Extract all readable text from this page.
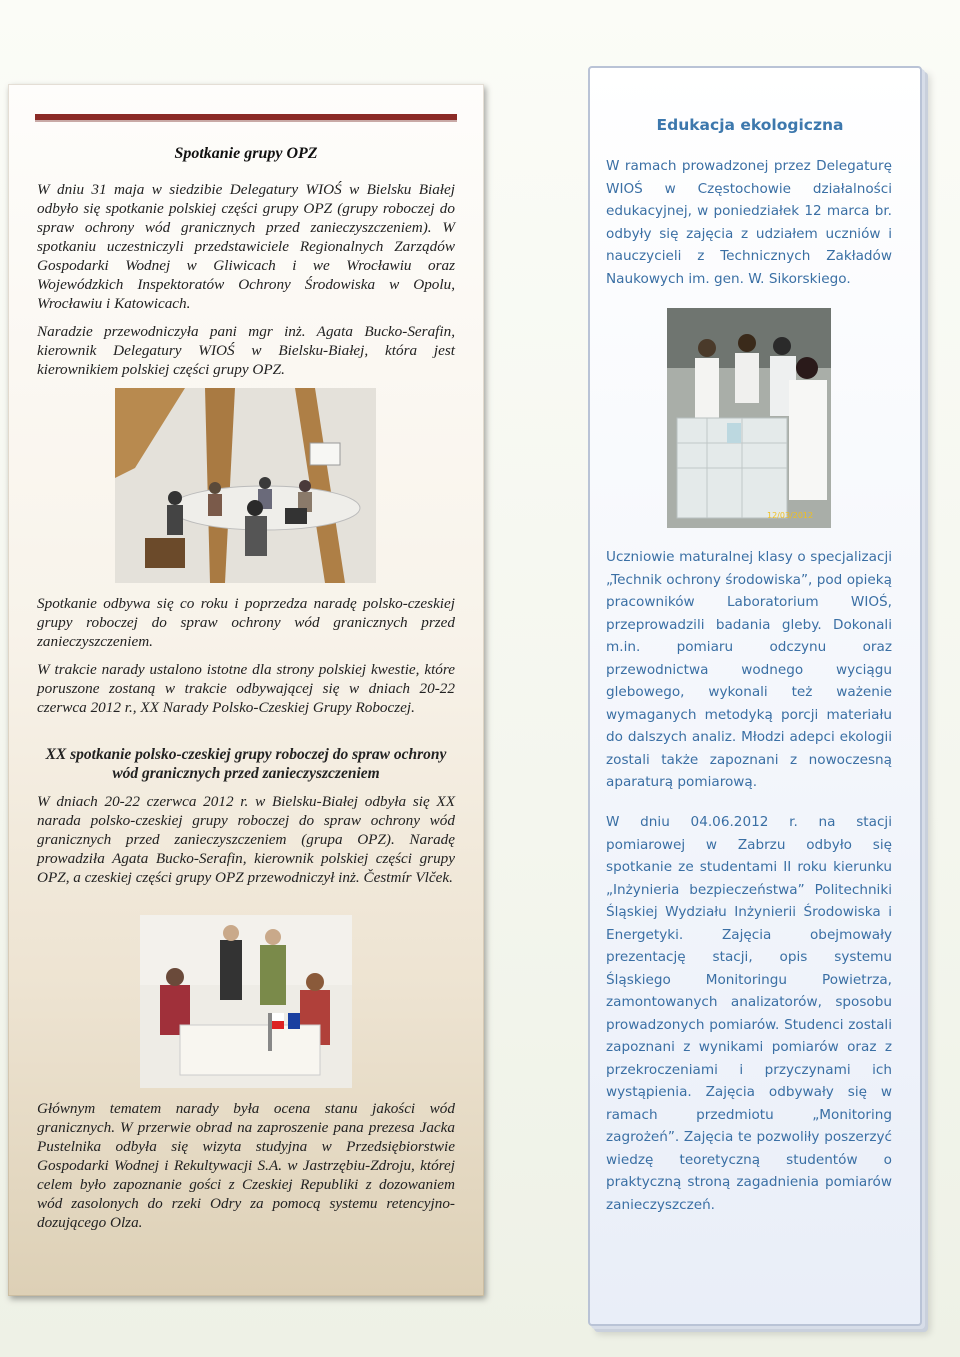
Spotkanie grupy OPZ

W dniu 31 maja w siedzibie Delegatury WIOŚ w Bielsku Białej odbyło się spotkanie polskiej części grupy OPZ (grupy roboczej do spraw ochrony wód granicznych przed zanieczyszczeniem). W spotkaniu uczestniczyli przedstawiciele Regionalnych Zarządów Gospodarki Wodnej w Gliwicach i we Wrocławiu oraz Wojewódzkich Inspektoratów Ochrony Środowiska w Opolu, Wrocławiu i Katowicach.

Naradzie przewodniczyła pani mgr inż. Agata Bucko-Serafin, kierownik Delegatury WIOŚ w Bielsku-Białej, która jest kierownikiem polskiej części grupy OPZ.

Spotkanie odbywa się co roku i poprzedza naradę polsko-czeskiej grupy roboczej do spraw ochrony wód granicznych przed zanieczyszczeniem.

W trakcie narady ustalono istotne dla strony polskiej kwestie, które poruszone zostaną w trakcie odbywającej się w dniach 20-22 czerwca 2012 r., XX Narady Polsko-Czeskiej Grupy Roboczej.

XX spotkanie polsko-czeskiej grupy roboczej do spraw ochrony wód granicznych przed zanieczyszczeniem

W dniach 20-22 czerwca 2012 r. w Bielsku-Białej odbyła się XX narada polsko-czeskiej grupy roboczej do spraw ochrony wód granicznych przed zanieczyszczeniem (grupa OPZ). Naradę prowadziła Agata Bucko-Serafin, kierownik polskiej części grupy OPZ, a czeskiej części grupy OPZ przewodniczył inż. Čestmír Vlček.

Głównym tematem narady była ocena stanu jakości wód granicznych. W przerwie obrad na zaproszenie pana prezesa Jacka Pustelnika odbyła się wizyta studyjna w Przedsiębiorstwie Gospodarki Wodnej i Rekultywacji S.A. w Jastrzębiu-Zdroju, której celem było zapoznanie gości z Czeskiej Republiki z dozowaniem wód zasolonych do rzeki Odry za pomocą systemu retencyjno-dozującego Olza.

Edukacja ekologiczna

W ramach prowadzonej przez Delegaturę WIOŚ w Częstochowie działalności edukacyjnej, w poniedziałek 12 marca br. odbyły się zajęcia z udziałem uczniów i nauczycieli z Technicznych Zakładów Naukowych im. gen. W. Sikorskiego.

12/03/2012

Uczniowie maturalnej klasy o specjalizacji „Technik ochrony środowiska”, pod opieką pracowników Laboratorium WIOŚ, przeprowadzili badania gleby. Dokonali m.in. pomiaru odczynu oraz przewodnictwa wodnego wyciągu glebowego, wykonali też ważenie wymaganych metodyką porcji materiału do dalszych analiz. Młodzi adepci ekologii zostali także zapoznani z nowoczesną aparaturą pomiarową.

W dniu 04.06.2012 r. na stacji pomiarowej w Zabrzu odbyło się spotkanie ze studentami II roku kierunku „Inżynieria bezpieczeństwa” Politechniki Śląskiej Wydziału Inżynierii Środowiska i Energetyki. Zajęcia obejmowały prezentację stacji, opis systemu Śląskiego Monitoringu Powietrza, zamontowanych analizatorów, sposobu prowadzonych pomiarów. Studenci zostali zapoznani z wynikami pomiarów oraz z przekroczeniami i przyczynami ich wystąpienia. Zajęcia odbywały się w ramach przedmiotu „Monitoring zagrożeń”. Zajęcia te pozwoliły poszerzyć wiedzę teoretyczną studentów o praktyczną stroną zagadnienia pomiarów zanieczyszczeń.
